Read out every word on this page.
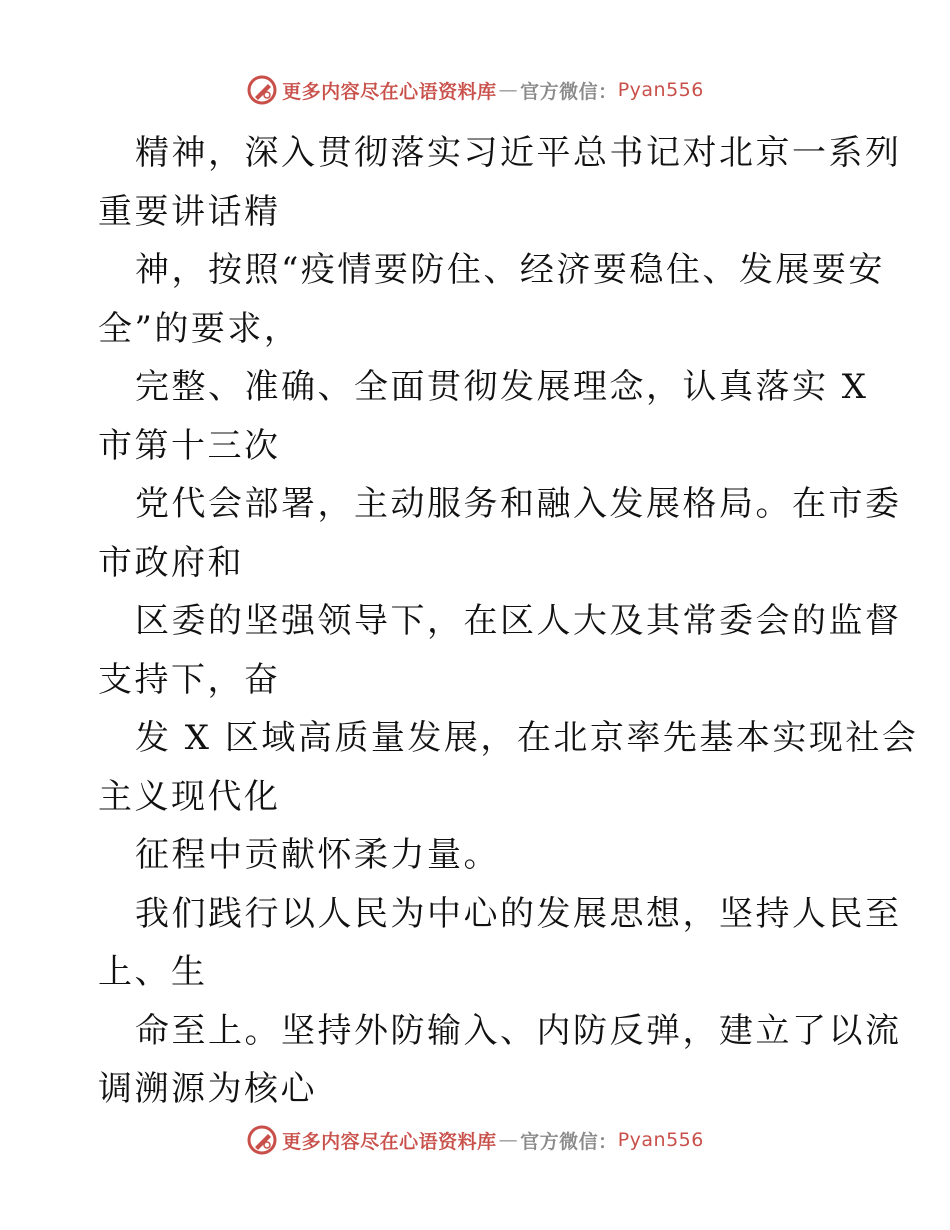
更多内容尽在心语资料库 — 官方微信： Pyan556
精神，深入贯彻落实习近平总书记对北京一系列
重要讲话精
神，按照“疫情要防住、经济要稳住、发展要安
全”的要求，
完整、准确、全面贯彻发展理念，认真落实 X
市第十三次
党代会部署，主动服务和融入发展格局。在市委
市政府和
区委的坚强领导下，在区人大及其常委会的监督
支持下，奋
发 X 区域高质量发展，在北京率先基本实现社会
主义现代化
征程中贡献怀柔力量。
我们践行以人民为中心的发展思想，坚持人民至
上、生
命至上。坚持外防输入、内防反弹，建立了以流
调溯源为核心
更多内容尽在心语资料库 — 官方微信： Pyan556
